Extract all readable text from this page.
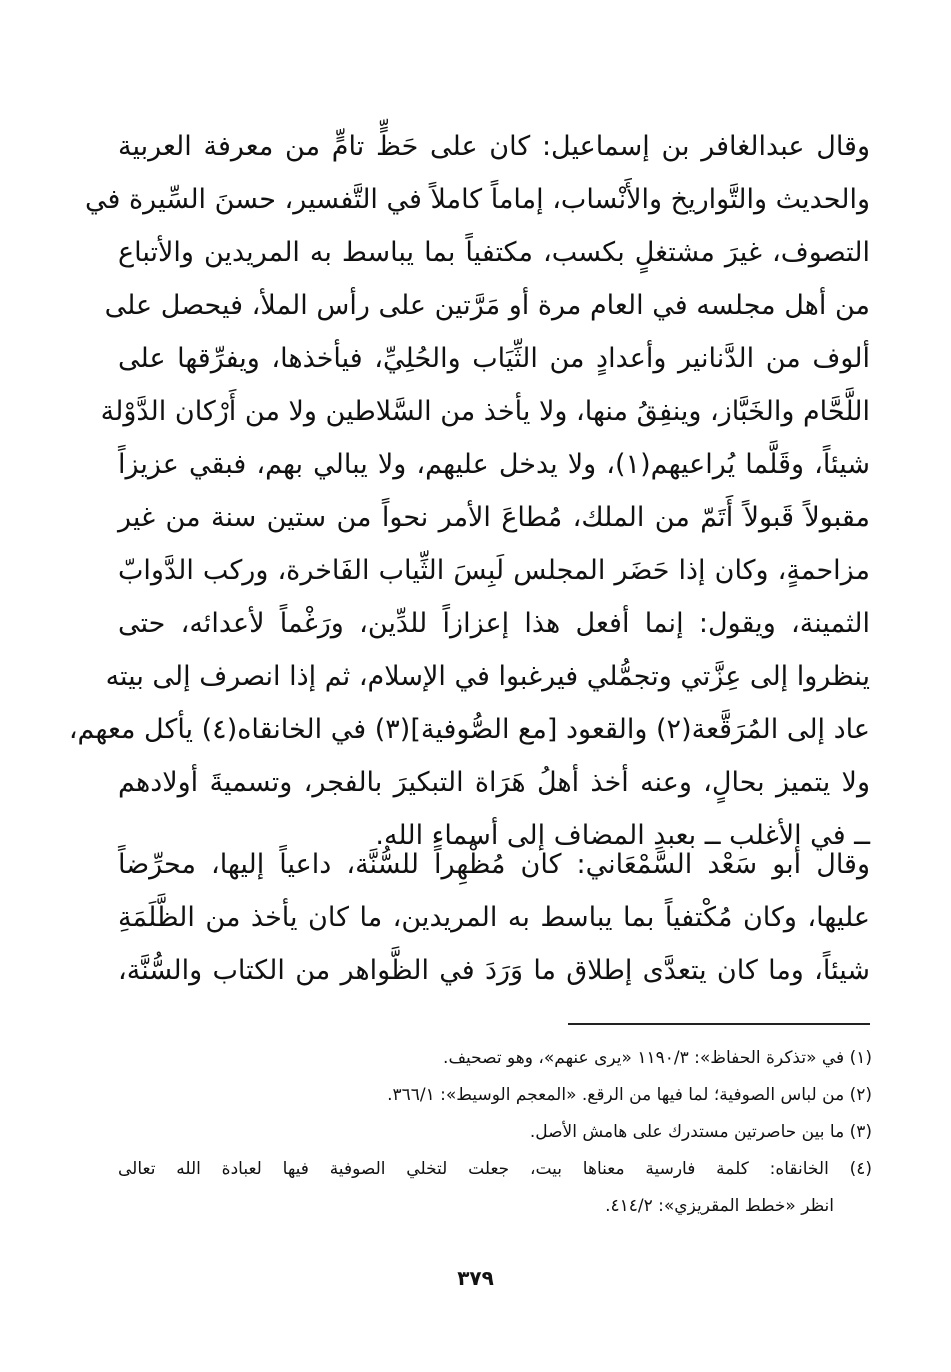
وقال عبدالغافر بن إسماعيل: كان على حَظٍّ تامٍّ من معرفة العربية
والحديث والتَّواريخ والأَنْساب، إماماً كاملاً في التَّفسير، حسنَ السِّيرة في
التصوف، غيرَ مشتغلٍ بكسب، مكتفياً بما يباسط به المريدين والأتباع
من أهل مجلسه في العام مرة أو مَرَّتين على رأس الملأ، فيحصل على
ألوف من الدَّنانير وأعدادٍ من الثِّيَاب والحُلِيِّ، فيأخذها، ويفرِّقها على
اللَّحَّام والخَبَّاز، وينفِقُ منها، ولا يأخذ من السَّلاطين ولا من أَرْكان الدَّوْلة
شيئاً، وقَلَّما يُراعيهم(١)، ولا يدخل عليهم، ولا يبالي بهم، فبقي عزيزاً
مقبولاً قَبولاً أَتَمّ من الملك، مُطاعَ الأمر نحواً من ستين سنة من غير
مزاحمةٍ، وكان إذا حَضَر المجلس لَبِسَ الثِّياب الفَاخرة، وركب الدَّوابّ
الثمينة، ويقول: إنما أفعل هذا إعزازاً للدِّين، ورَغْماً لأعدائه، حتى
ينظروا إلى عِزَّتي وتجمُّلي فيرغبوا في الإسلام، ثم إذا انصرف إلى بيته
عاد إلى المُرَقَّعة(٢) والقعود [مع الصُّوفية](٣) في الخانقاه(٤) يأكل معهم،
ولا يتميز بحالٍ، وعنه أخذ أهلُ هَرَاة التبكيرَ بالفجر، وتسميةَ أولادهم
ــ في الأغلب ــ بعبدِ المضاف إلى أسماء الله.
وقال أبو سَعْد السَّمْعَاني: كان مُظْهِراً للسُّنَّة، داعياً إليها، محرِّضاً
عليها، وكان مُكْتفياً بما يباسط به المريدين، ما كان يأخذ من الظَّلَمَةِ
شيئاً، وما كان يتعدَّى إطلاق ما وَرَدَ في الظَّواهر من الكتاب والسُّنَّة،
(١) في «تذكرة الحفاظ»: ١١٩٠/٣ «يرى عنهم»، وهو تصحيف.
(٢) من لباس الصوفية؛ لما فيها من الرقع. «المعجم الوسيط»: ٣٦٦/١.
(٣) ما بين حاصرتين مستدرك على هامش الأصل.
(٤) الخانقاه: كلمة فارسية معناها بيت، جعلت لتخلي الصوفية فيها لعبادة الله تعالى
انظر «خطط المقريزي»: ٤١٤/٢.
٣٧٩
